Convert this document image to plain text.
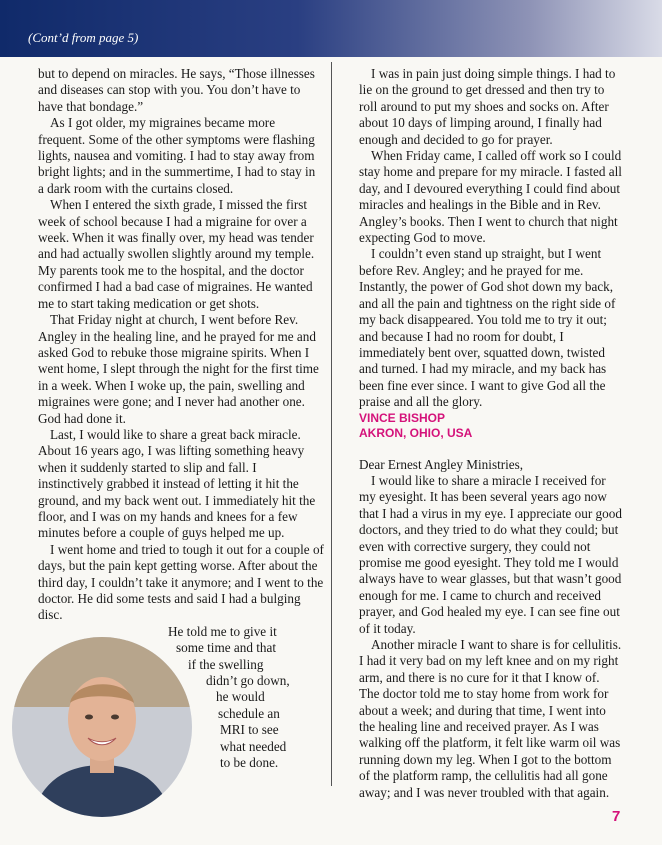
(Cont’d from page 5)

but to depend on miracles. He says, “Those illnesses and diseases can stop with you. You don’t have to have that bondage.”

As I got older, my migraines became more frequent. Some of the other symptoms were flashing lights, nausea and vomiting. I had to stay away from bright lights; and in the summertime, I had to stay in a dark room with the curtains closed.

When I entered the sixth grade, I missed the first week of school because I had a migraine for over a week. When it was finally over, my head was tender and had actually swollen slightly around my temple. My parents took me to the hospital, and the doctor confirmed I had a bad case of migraines. He wanted me to start taking medication or get shots.

That Friday night at church, I went before Rev. Angley in the healing line, and he prayed for me and asked God to rebuke those migraine spirits. When I went home, I slept through the night for the first time in a week. When I woke up, the pain, swelling and migraines were gone; and I never had another one. God had done it.

Last, I would like to share a great back miracle. About 16 years ago, I was lifting something heavy when it suddenly started to slip and fall. I instinctively grabbed it instead of letting it hit the ground, and my back went out. I immediately hit the floor, and I was on my hands and knees for a few minutes before a couple of guys helped me up.

I went home and tried to tough it out for a couple of days, but the pain kept getting worse. After about the third day, I couldn’t take it anymore; and I went to the doctor. He did some tests and said I had a bulging disc.

He told me to give it
some time and that
if the swelling
didn’t go down,
he would
schedule an
MRI to see
what needed
to be done.

I was in pain just doing simple things. I had to lie on the ground to get dressed and then try to roll around to put my shoes and socks on. After about 10 days of limping around, I finally had enough and decided to go for prayer.

When Friday came, I called off work so I could stay home and prepare for my miracle. I fasted all day, and I devoured everything I could find about miracles and healings in the Bible and in Rev. Angley’s books. Then I went to church that night expecting God to move.

I couldn’t even stand up straight, but I went before Rev. Angley; and he prayed for me. Instantly, the power of God shot down my back, and all the pain and tightness on the right side of my back disappeared. You told me to try it out; and because I had no room for doubt, I immediately bent over, squatted down, twisted and turned. I had my miracle, and my back has been fine ever since. I want to give God all the praise and all the glory.

VINCE BISHOP

AKRON, OHIO, USA

Dear Ernest Angley Ministries,

I would like to share a miracle I received for my eyesight. It has been several years ago now that I had a virus in my eye. I appreciate our good doctors, and they tried to do what they could; but even with corrective surgery, they could not promise me good eyesight. They told me I would always have to wear glasses, but that wasn’t good enough for me. I came to church and received prayer, and God healed my eye. I can see fine out of it today.

Another miracle I want to share is for cellulitis. I had it very bad on my left knee and on my right arm, and there is no cure for it that I know of. The doctor told me to stay home from work for about a week; and during that time, I went into the healing line and received prayer. As I was walking off the platform, it felt like warm oil was running down my leg. When I got to the bottom of the platform ramp, the cellulitis had all gone away; and I was never troubled with that again.

7
